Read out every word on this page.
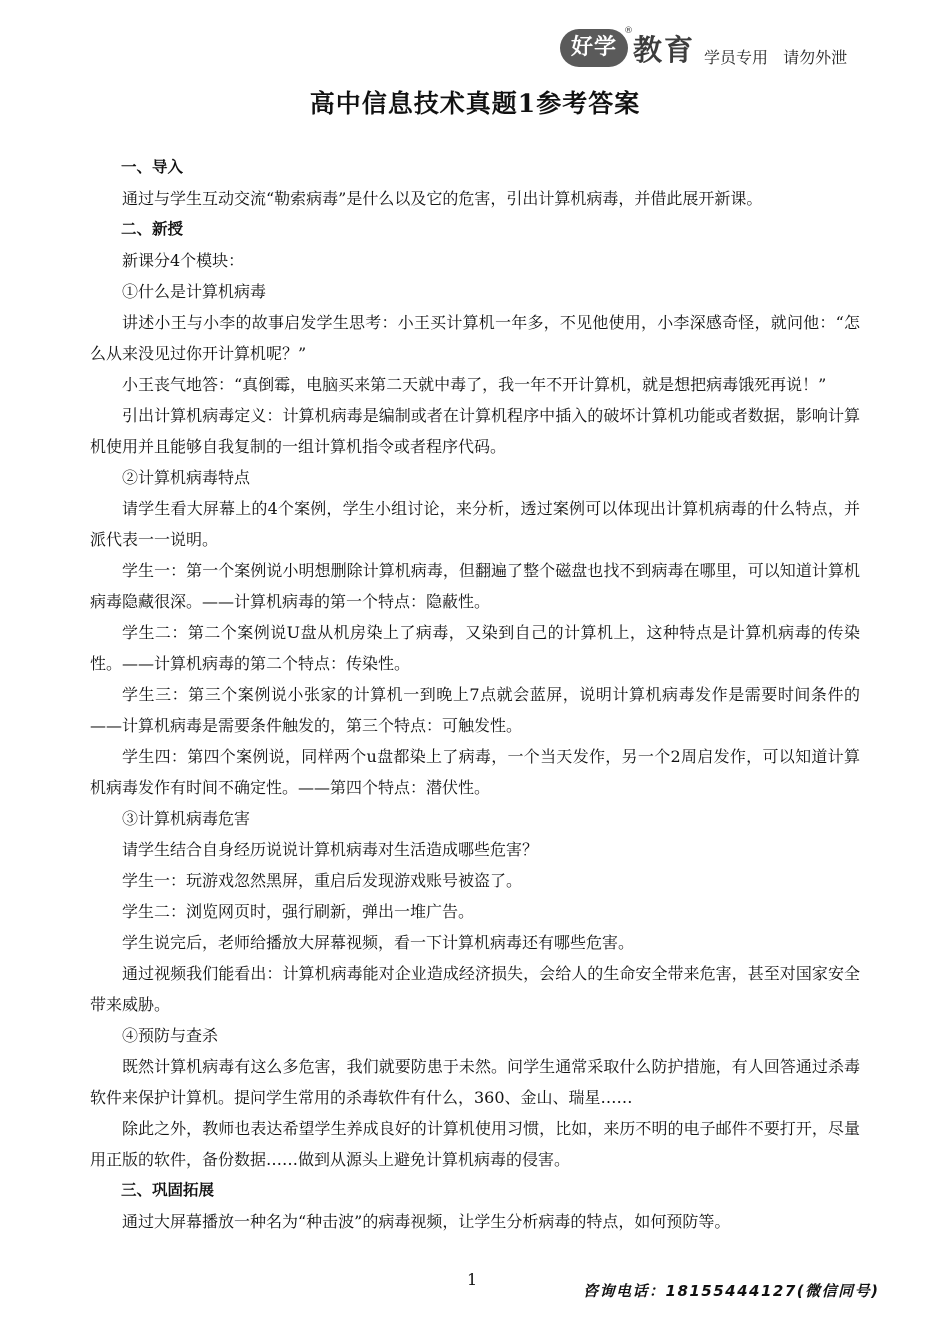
好学
®
教育 学员专用 请勿外泄
高中信息技术真题1参考答案

一、导入

通过与学生互动交流“勒索病毒”是什么以及它的危害，引出计算机病毒，并借此展开新课。

二、新授

新课分4个模块：

①什么是计算机病毒

讲述小王与小李的故事启发学生思考：小王买计算机一年多，不见他使用，小李深感奇怪，就问他：“怎么从来没见过你开计算机呢？”

小王丧气地答：“真倒霉，电脑买来第二天就中毒了，我一年不开计算机，就是想把病毒饿死再说！”

引出计算机病毒定义：计算机病毒是编制或者在计算机程序中插入的破坏计算机功能或者数据，影响计算机使用并且能够自我复制的一组计算机指令或者程序代码。

②计算机病毒特点

请学生看大屏幕上的4个案例，学生小组讨论，来分析，透过案例可以体现出计算机病毒的什么特点，并派代表一一说明。

学生一：第一个案例说小明想删除计算机病毒，但翻遍了整个磁盘也找不到病毒在哪里，可以知道计算机病毒隐藏很深。——计算机病毒的第一个特点：隐蔽性。

学生二：第二个案例说U盘从机房染上了病毒，又染到自己的计算机上，这种特点是计算机病毒的传染性。——计算机病毒的第二个特点：传染性。

学生三：第三个案例说小张家的计算机一到晚上7点就会蓝屏，说明计算机病毒发作是需要时间条件的——计算机病毒是需要条件触发的，第三个特点：可触发性。

学生四：第四个案例说，同样两个u盘都染上了病毒，一个当天发作，另一个2周启发作，可以知道计算机病毒发作有时间不确定性。——第四个特点：潜伏性。

③计算机病毒危害

请学生结合自身经历说说计算机病毒对生活造成哪些危害？

学生一：玩游戏忽然黑屏，重启后发现游戏账号被盗了。

学生二：浏览网页时，强行刷新，弹出一堆广告。

学生说完后，老师给播放大屏幕视频，看一下计算机病毒还有哪些危害。

通过视频我们能看出：计算机病毒能对企业造成经济损失，会给人的生命安全带来危害，甚至对国家安全带来威胁。

④预防与查杀

既然计算机病毒有这么多危害，我们就要防患于未然。问学生通常采取什么防护措施，有人回答通过杀毒软件来保护计算机。提问学生常用的杀毒软件有什么，360、金山、瑞星……

除此之外，教师也表达希望学生养成良好的计算机使用习惯，比如，来历不明的电子邮件不要打开，尽量用正版的软件，备份数据……做到从源头上避免计算机病毒的侵害。

三、巩固拓展

通过大屏幕播放一种名为“种击波”的病毒视频，让学生分析病毒的特点，如何预防等。

1
咨询电话：18155444127(微信同号)
